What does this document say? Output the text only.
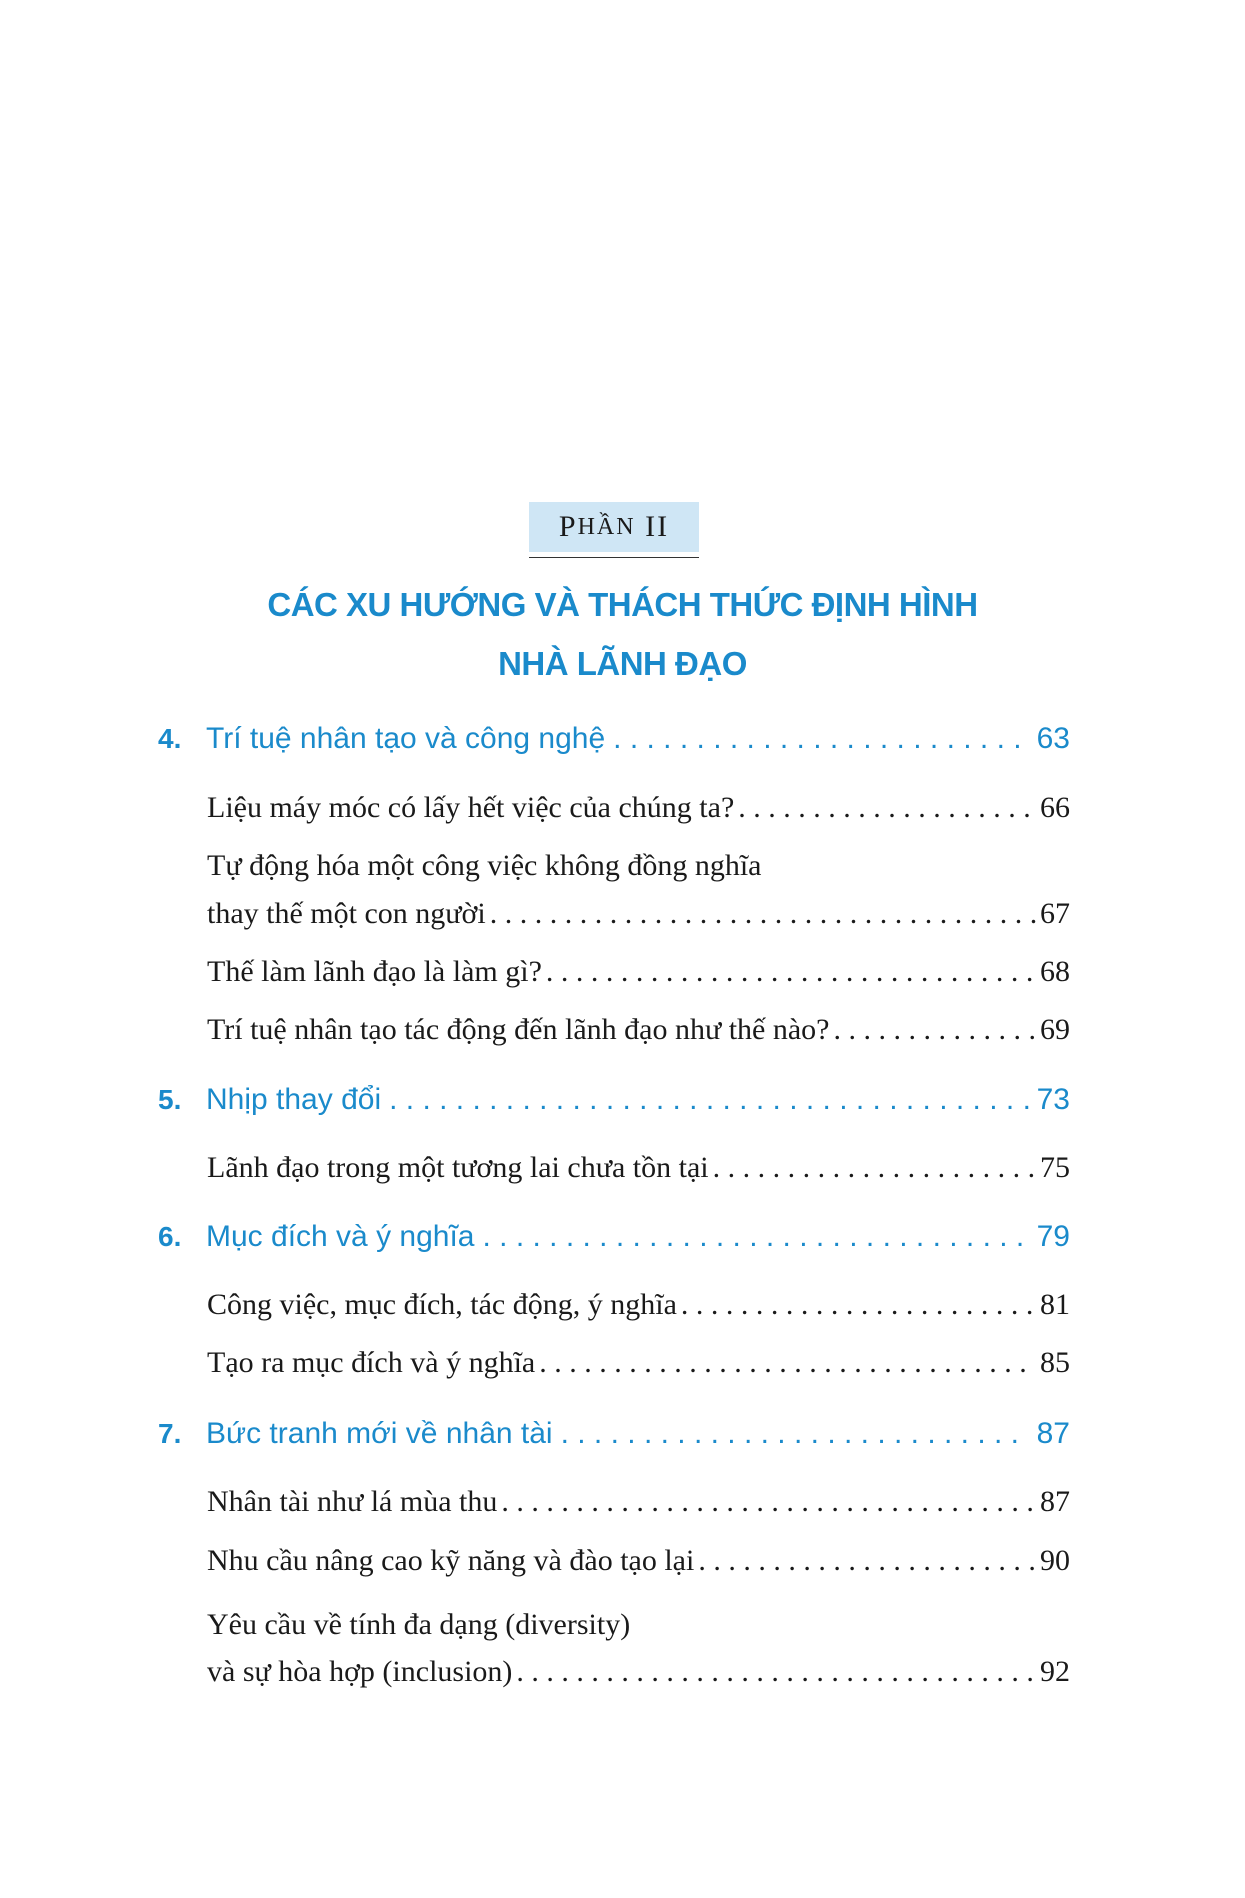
P HẦN
II
CÁC XU HƯỚNG VÀ THÁCH THỨC ĐỊNH HÌNH
NHÀ LÃNH ĐẠO
4. Trí tuệ nhân tạo và công nghệ . . .	63
Liệu máy móc có lấy hết việc của chúng ta? . . .	66
Tự động hóa một công việc không đồng nghĩa
thay thế một con người . . .	67
Thế làm lãnh đạo là làm gì? . . .	68
Trí tuệ nhân tạo tác động đến lãnh đạo như thế nào? . . .	69
5. Nhịp thay đổi . . .	73
Lãnh đạo trong một tương lai chưa tồn tại . . .	75
6. Mục đích và ý nghĩa . . .	79
Công việc, mục đích, tác động, ý nghĩa . . .	81
Tạo ra mục đích và ý nghĩa . . .	85
7. Bức tranh mới về nhân tài . . .	87
Nhân tài như lá mùa thu . . .	87
Nhu cầu nâng cao kỹ năng và đào tạo lại . . .	90
Yêu cầu về tính đa dạng (diversity)
và sự hòa hợp (inclusion) . . .	92
